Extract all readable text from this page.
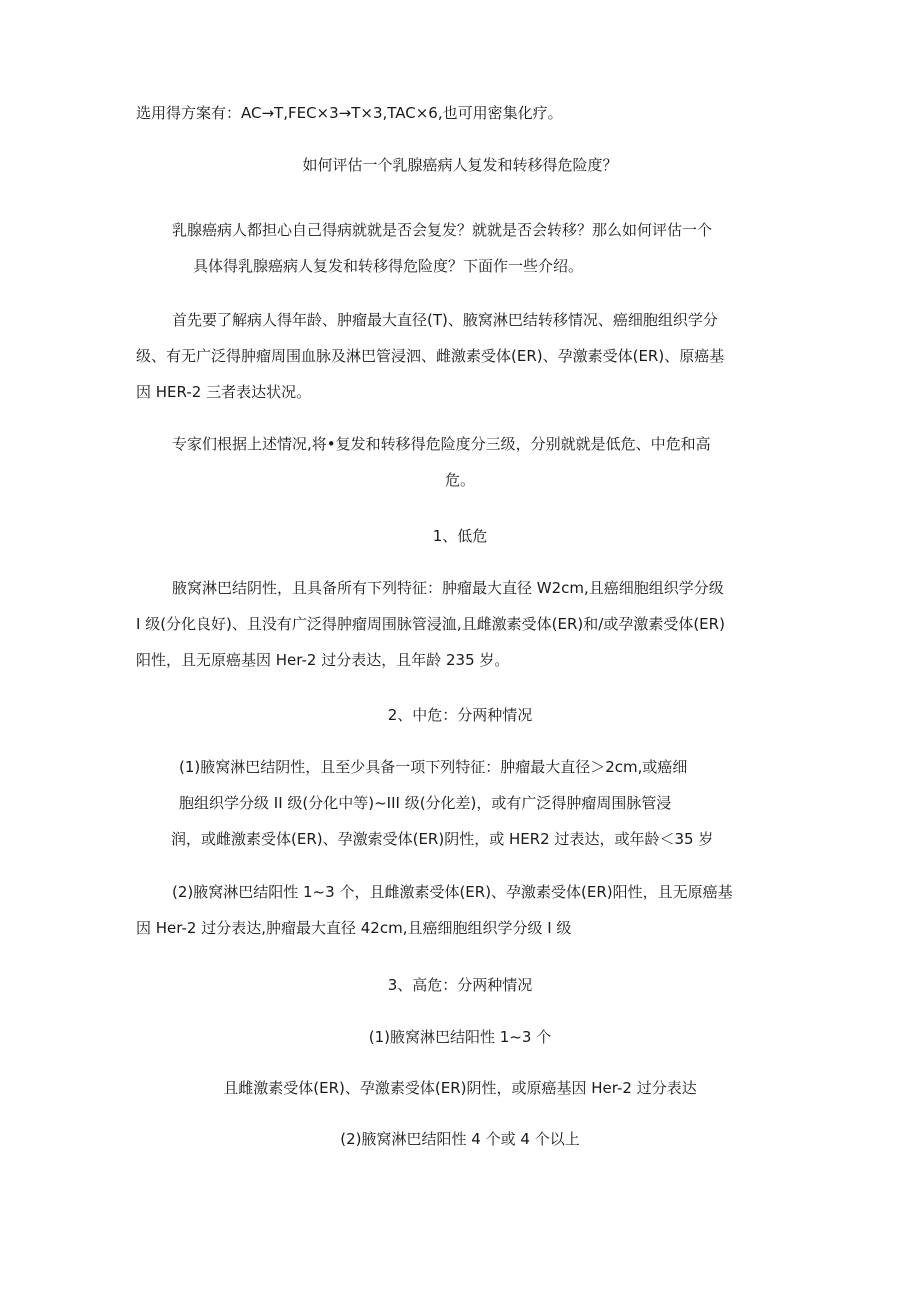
选用得方案有：AC→T,FEC×3→T×3,TAC×6,也可用密集化疗。

如何评估一个乳腺癌病人复发和转移得危险度？

乳腺癌病人都担心自己得病就就是否会复发？就就是否会转移？那么如何评估一个

具体得乳腺癌病人复发和转移得危险度？下面作一些介绍。

首先要了解病人得年龄、肿瘤最大直径(T)、腋窝淋巴结转移情况、癌细胞组织学分

级、有无广泛得肿瘤周围血脉及淋巴管浸泗、雌激素受体(ER)、孕激素受体(ER)、原癌基

因 HER-2 三者表达状况。

专家们根据上述情况,将•复发和转移得危险度分三级，分别就就是低危、中危和高

危。

1、低危

腋窝淋巴结阴性，且具备所有下列特征：肿瘤最大直径 W2cm,且癌细胞组织学分级

I 级(分化良好)、且没有广泛得肿瘤周围脉管浸洫,且雌激素受体(ER)和/或孕激素受体(ER)

阳性，且无原癌基因 Her-2 过分表达，且年龄 235 岁。

2、中危：分两种情况

(1)腋窝淋巴结阴性，且至少具备一项下列特征：肿瘤最大直径＞2cm,或癌细

胞组织学分级 II 级(分化中等)~III 级(分化差)，或有广泛得肿瘤周围脉管浸

润，或雌激素受体(ER)、孕激索受体(ER)阴性，或 HER2 过表达，或年龄＜35 岁

(2)腋窝淋巴结阳性 1~3 个，且雌激素受体(ER)、孕激素受体(ER)阳性，且无原癌基

因 Her-2 过分表达,肿瘤最大直径 42cm,且癌细胞组织学分级 I 级

3、高危：分两种情况

(1)腋窝淋巴结阳性 1~3 个

且雌激素受体(ER)、孕激素受体(ER)阴性，或原癌基因 Her-2 过分表达

(2)腋窝淋巴结阳性 4 个或 4 个以上
